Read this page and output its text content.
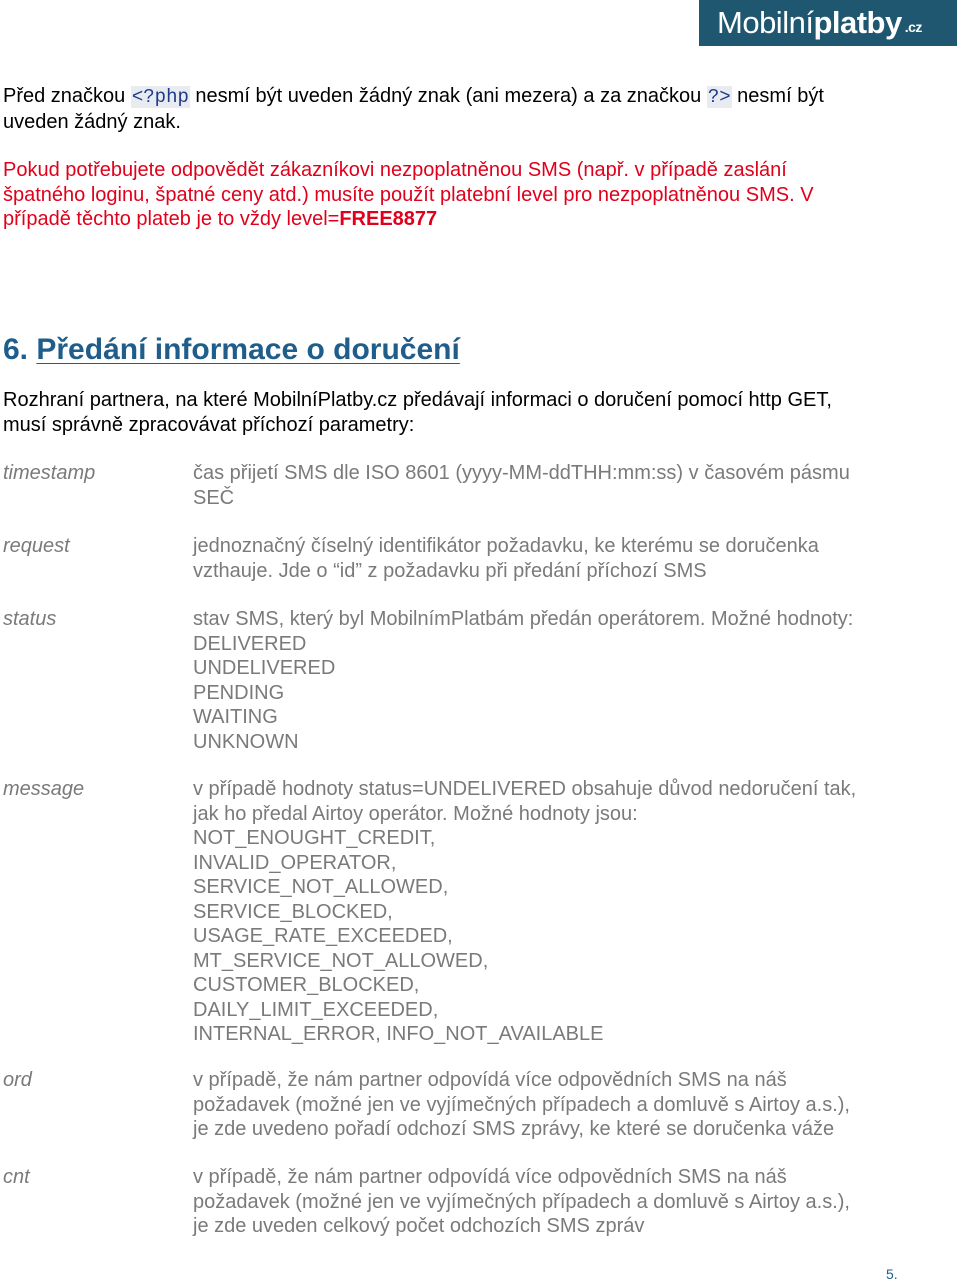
Mobilní platby .cz

Před značkou <?php nesmí být uveden žádný znak (ani mezera) a za značkou ?> nesmí být
uveden žádný znak.

Pokud potřebujete odpovědět zákazníkovi nezpoplatněnou SMS (např. v případě zaslání
špatného loginu, špatné ceny atd.) musíte použít platební level pro nezpoplatněnou SMS. V
případě těchto plateb je to vždy level=FREE8877

6. Předání informace o doručení

Rozhraní partnera, na které MobilníPlatby.cz předávají informaci o doručení pomocí http GET,
musí správně zpracovávat příchozí parametry:

timestamp	čas přijetí SMS dle ISO 8601 (yyyy-MM-ddTHH:mm:ss) v časovém pásmu
SEČ
request	jednoznačný číselný identifikátor požadavku, ke kterému se doručenka
vzthauje. Jde o “id” z požadavku při předání příchozí SMS
status	stav SMS, který byl MobilnímPlatbám předán operátorem. Možné hodnoty:
DELIVERED
UNDELIVERED
PENDING
WAITING
UNKNOWN
message	v případě hodnoty status=UNDELIVERED obsahuje důvod nedoručení tak,
jak ho předal Airtoy operátor. Možné hodnoty jsou:
NOT_ENOUGHT_CREDIT,
INVALID_OPERATOR,
SERVICE_NOT_ALLOWED,
SERVICE_BLOCKED,
USAGE_RATE_EXCEEDED,
MT_SERVICE_NOT_ALLOWED,
CUSTOMER_BLOCKED,
DAILY_LIMIT_EXCEEDED,
INTERNAL_ERROR, INFO_NOT_AVAILABLE
ord	v případě, že nám partner odpovídá více odpovědních SMS na náš
požadavek (možné jen ve vyjímečných případech a domluvě s Airtoy a.s.),
je zde uvedeno pořadí odchozí SMS zprávy, ke které se doručenka váže
cnt	v případě, že nám partner odpovídá více odpovědních SMS na náš
požadavek (možné jen ve vyjímečných případech a domluvě s Airtoy a.s.),
je zde uveden celkový počet odchozích SMS zpráv
5.
